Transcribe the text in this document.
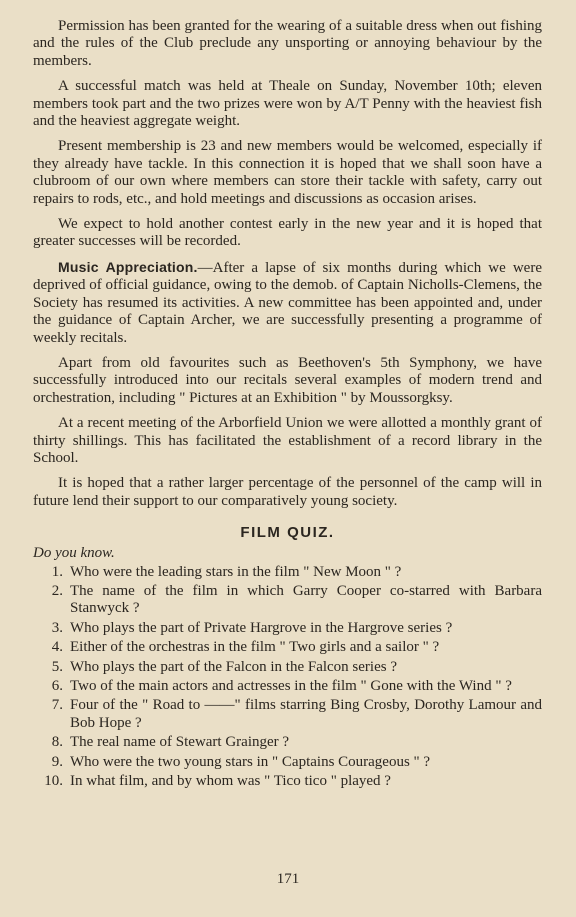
Permission has been granted for the wearing of a suitable dress when out fishing and the rules of the Club preclude any unsporting or annoying behaviour by the members.

A successful match was held at Theale on Sunday, November 10th; eleven members took part and the two prizes were won by A/T Penny with the heaviest fish and the heaviest aggregate weight.

Present membership is 23 and new members would be welcomed, especially if they already have tackle. In this connection it is hoped that we shall soon have a clubroom of our own where members can store their tackle with safety, carry out repairs to rods, etc., and hold meetings and discussions as occasion arises.

We expect to hold another contest early in the new year and it is hoped that greater successes will be recorded.

Music Appreciation.—After a lapse of six months during which we were deprived of official guidance, owing to the demob. of Captain Nicholls-Clemens, the Society has resumed its activities. A new committee has been appointed and, under the guidance of Captain Archer, we are successfully presenting a programme of weekly recitals.

Apart from old favourites such as Beethoven's 5th Symphony, we have successfully introduced into our recitals several examples of modern trend and orchestration, including " Pictures at an Exhibition " by Moussorgksy.

At a recent meeting of the Arborfield Union we were allotted a monthly grant of thirty shillings. This has facilitated the establishment of a record library in the School.

It is hoped that a rather larger percentage of the personnel of the camp will in future lend their support to our comparatively young society.

FILM QUIZ.
Do you know.
1. Who were the leading stars in the film " New Moon " ?
2. The name of the film in which Garry Cooper co-starred with Barbara Stanwyck ?
3. Who plays the part of Private Hargrove in the Hargrove series ?
4. Either of the orchestras in the film " Two girls and a sailor " ?
5. Who plays the part of the Falcon in the Falcon series ?
6. Two of the main actors and actresses in the film " Gone with the Wind " ?
7. Four of the " Road to ——" films starring Bing Crosby, Dorothy Lamour and Bob Hope ?
8. The real name of Stewart Grainger ?
9. Who were the two young stars in " Captains Courageous " ?
10. In what film, and by whom was " Tico tico " played ?
171
